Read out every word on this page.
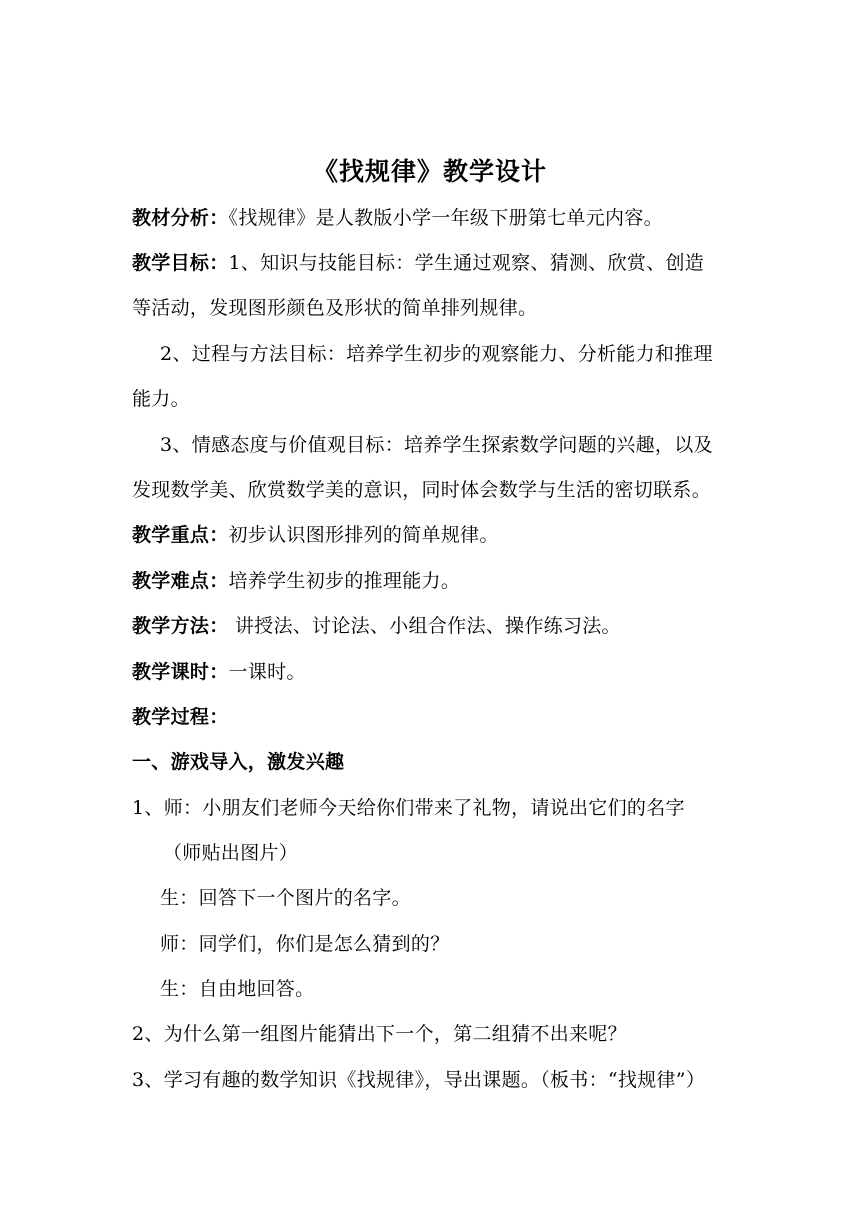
《找规律》教学设计
教材分析：《找规律》是人教版小学一年级下册第七单元内容。
教学目标：1、知识与技能目标：学生通过观察、猜测、欣赏、创造
等活动，发现图形颜色及形状的简单排列规律。
2、过程与方法目标：培养学生初步的观察能力、分析能力和推理
能力。
3、情感态度与价值观目标：培养学生探索数学问题的兴趣，以及
发现数学美、欣赏数学美的意识，同时体会数学与生活的密切联系。
教学重点：初步认识图形排列的简单规律。
教学难点：培养学生初步的推理能力。
教学方法： 讲授法、讨论法、小组合作法、操作练习法。
教学课时：一课时。
教学过程：
一、游戏导入，激发兴趣
1、师：小朋友们老师今天给你们带来了礼物，请说出它们的名字
（师贴出图片）
生：回答下一个图片的名字。
师：同学们，你们是怎么猜到的？
生：自由地回答。
2、为什么第一组图片能猜出下一个，第二组猜不出来呢？
3、学习有趣的数学知识《找规律》，导出课题。（板书：“找规律”）
